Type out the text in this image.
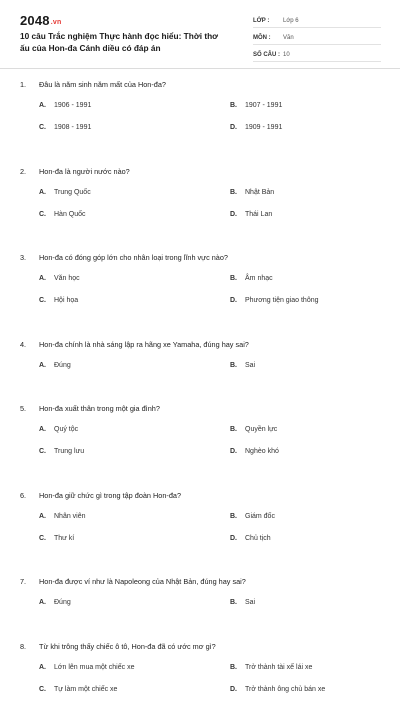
2048.vn
10 câu Trắc nghiệm Thực hành đọc hiểu: Thời thơ ấu của Hon-đa Cánh diều có đáp án
LỚP :	Lớp 6
MÔN :	Văn
SỐ CÂU : 10
1.	Đâu là năm sinh năm mất của Hon-đa?
A.	1906 - 1991	B.	1907 - 1991
C.	1908 - 1991	D.	1909 - 1991
2.	Hon-đa là người nước nào?
A.	Trung Quốc	B.	Nhật Bản
C.	Hàn Quốc	D.	Thái Lan
3.	Hon-đa có đóng góp lớn cho nhân loại trong lĩnh vực nào?
A.	Văn học	B.	Âm nhạc
C.	Hội họa	D.	Phương tiện giao thông
4.	Hon-đa chính là nhà sáng lập ra hãng xe Yamaha, đúng hay sai?
A.	Đúng	B.	Sai
5.	Hon-đa xuất thân trong một gia đình?
A.	Quý tộc	B.	Quyền lực
C.	Trung lưu	D.	Nghèo khó
6.	Hon-đa giữ chức gì trong tập đoàn Hon-đa?
A.	Nhân viên	B.	Giám đốc
C.	Thư kí	D.	Chủ tịch
7.	Hon-đa được ví như là Napoleong của Nhật Bản, đúng hay sai?
A.	Đúng	B.	Sai
8.	Từ khi trông thấy chiếc ô tô, Hon-đa đã có ước mơ gì?
A.	Lớn lên mua một chiếc xe	B.	Trở thành tài xế lái xe
C.	Tự làm một chiếc xe	D.	Trở thành ông chủ bán xe
